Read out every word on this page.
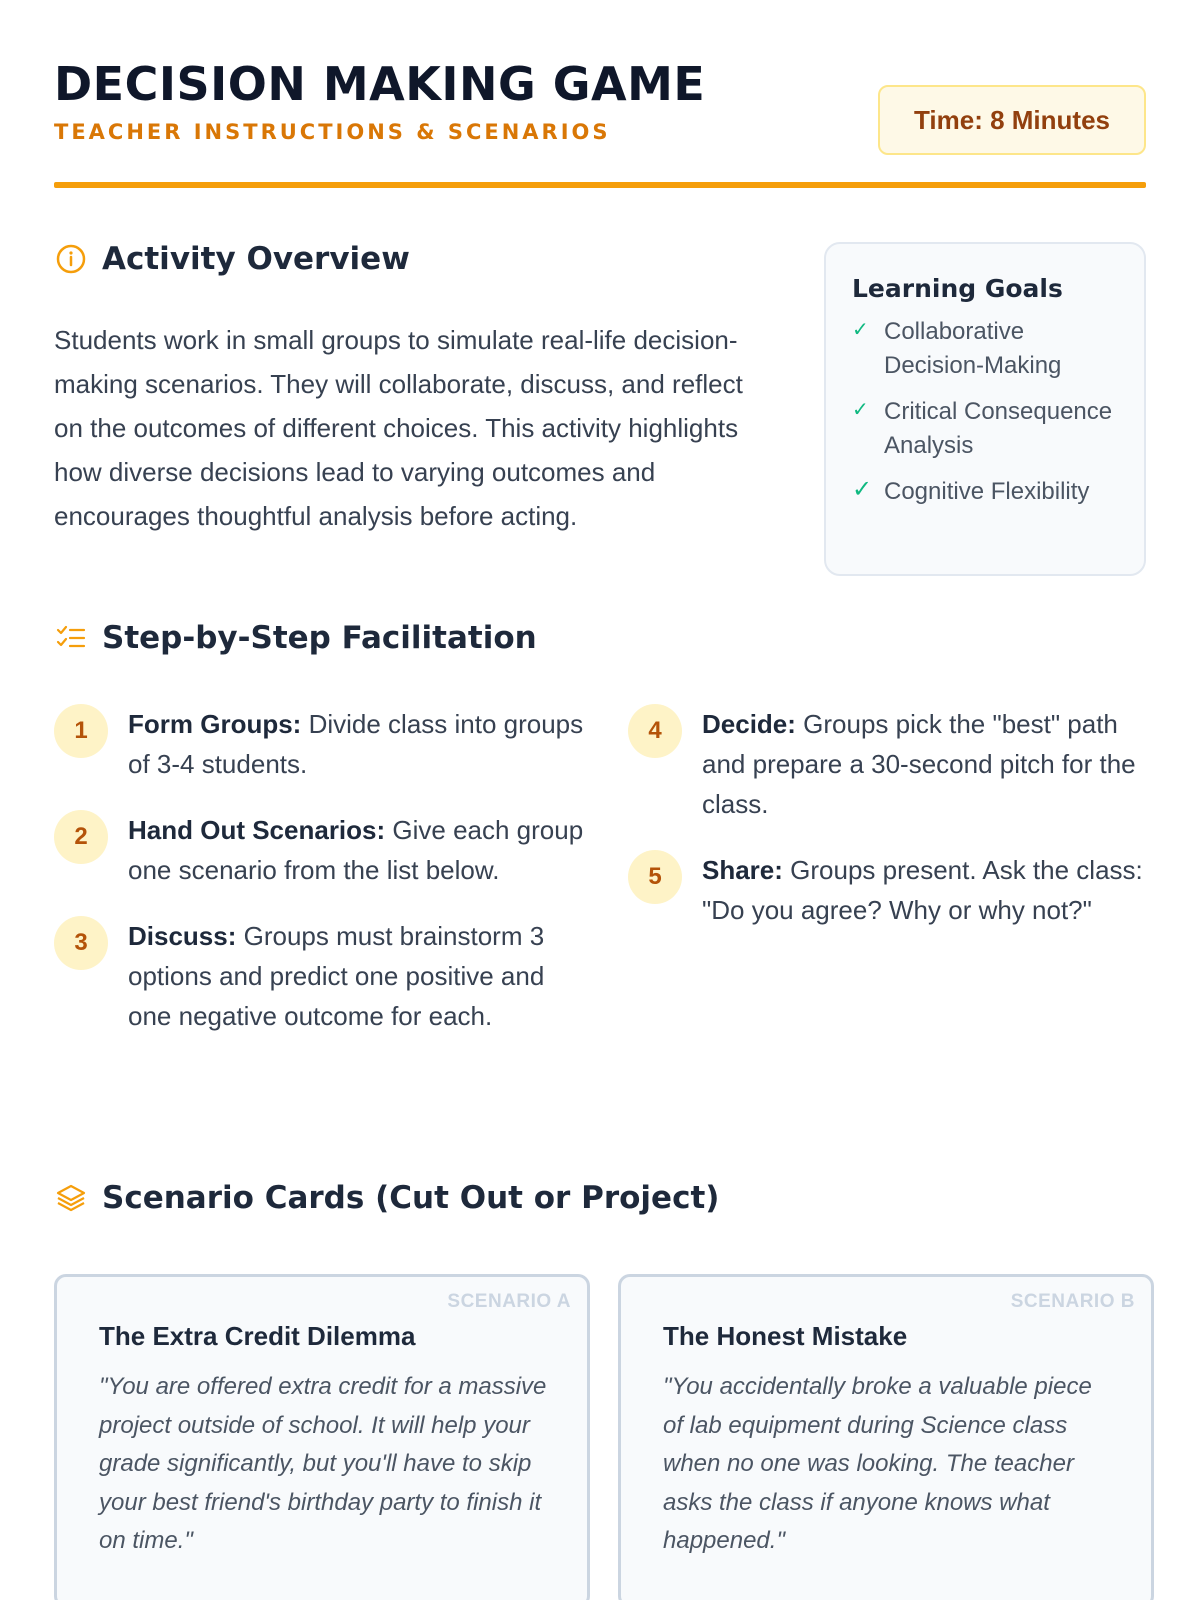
DECISION MAKING GAME
TEACHER INSTRUCTIONS & SCENARIOS	Time: 8 Minutes
Activity Overview

Students work in small groups to simulate real-life decision-making scenarios. They will collaborate, discuss, and reflect on the outcomes of different choices. This activity highlights how diverse decisions lead to varying outcomes and encourages thoughtful analysis before acting.

Learning Goals
✓ Collaborative Decision-Making
✓ Critical Consequence Analysis
✓ Cognitive Flexibility
Step-by-Step Facilitation
1	Form Groups: Divide class into groups of 3-4 students.
2	Hand Out Scenarios: Give each group one scenario from the list below.
3	Discuss: Groups must brainstorm 3 options and predict one positive and one negative outcome for each.
4	Decide: Groups pick the "best" path and prepare a 30-second pitch for the class.
5	Share: Groups present. Ask the class: "Do you agree? Why or why not?"
Scenario Cards (Cut Out or Project)
SCENARIO A
The Extra Credit Dilemma

"You are offered extra credit for a massive project outside of school. It will help your grade significantly, but you'll have to skip your best friend's birthday party to finish it on time."

SCENARIO B
The Honest Mistake

"You accidentally broke a valuable piece of lab equipment during Science class when no one was looking. The teacher asks the class if anyone knows what happened."
